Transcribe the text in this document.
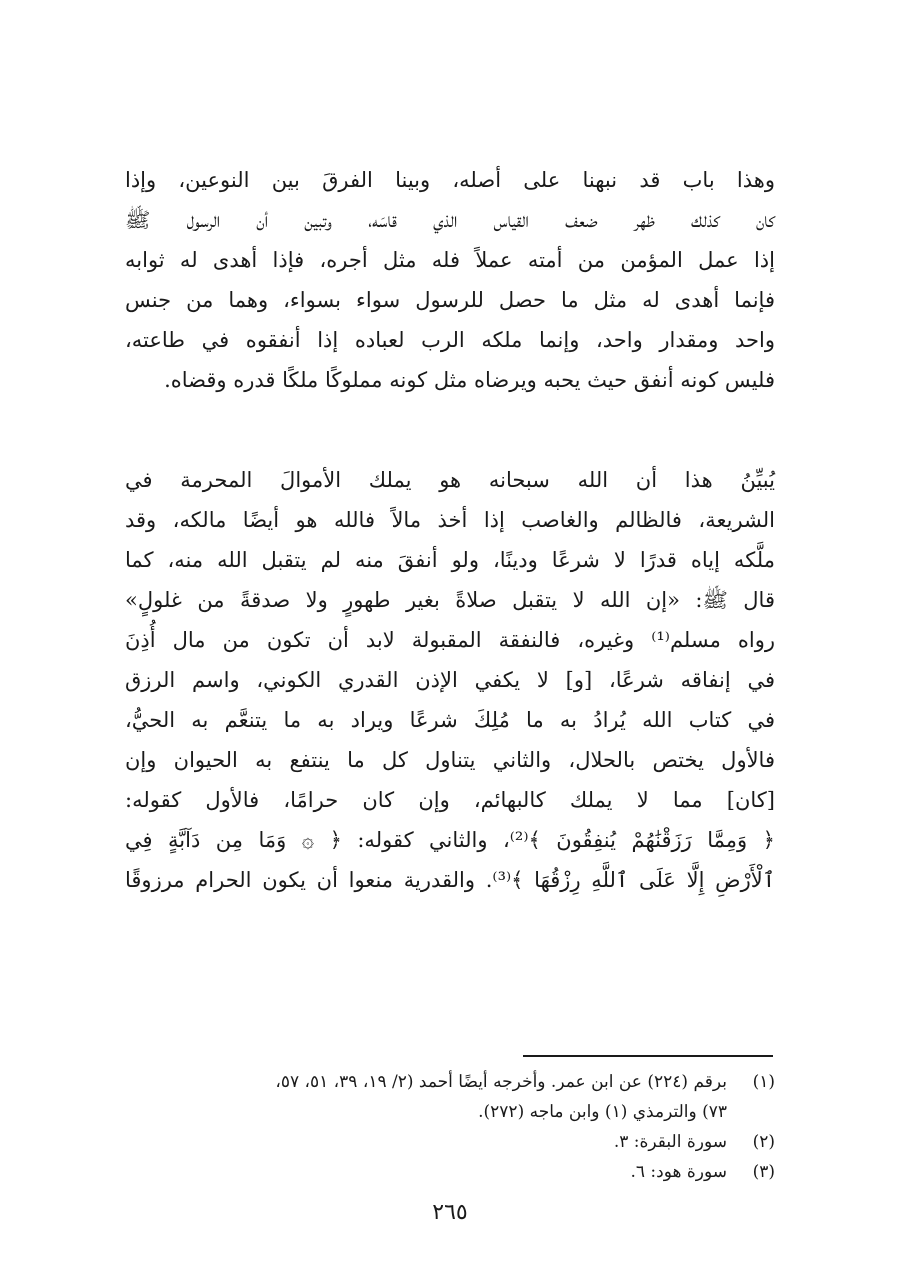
وهذا باب قد نبهنا على أصله، وبينا الفرقَ بين النوعين، وإذا
كان كذلك ظهر ضعف القياس الذي قاسَه، وتبين أن الرسول ﷺ
إذا عمل المؤمن من أمته عملاً فله مثل أجره، فإذا أهدى له ثوابه
فإنما أهدى له مثل ما حصل للرسول سواء بسواء، وهما من جنس
واحد ومقدار واحد، وإنما ملكه الرب لعباده إذا أنفقوه في طاعته،
فليس كونه أنفق حيث يحبه ويرضاه مثل كونه مملوكًا ملكًا قدره وقضاه.
يُبيِّنُ هذا أن الله سبحانه هو يملك الأموالَ المحرمة في
الشريعة، فالظالم والغاصب إذا أخذ مالاً فالله هو أيضًا مالكه، وقد
ملَّكه إياه قدرًا لا شرعًا ودينًا، ولو أنفقَ منه لم يتقبل الله منه، كما
قال ﷺ: «إن الله لا يتقبل صلاةً بغير طهورٍ ولا صدقةً من غلولٍ»
رواه مسلم⁽¹⁾ وغيره، فالنفقة المقبولة لابد أن تكون من مال أُذِنَ
في إنفاقه شرعًا، [و] لا يكفي الإذن القدري الكوني، واسم الرزق
في كتاب الله يُرادُ به ما مُلِكَ شرعًا ويراد به ما يتنعَّم به الحيُّ،
فالأول يختص بالحلال، والثاني يتناول كل ما ينتفع به الحيوان وإن
[كان] مما لا يملك كالبهائم، وإن كان حرامًا، فالأول كقوله:
﴿ وَمِمَّا رَزَقْنَٰهُمْ يُنفِقُونَ ﴾⁽²⁾، والثاني كقوله: ﴿ ۞ وَمَا مِن دَآبَّةٍ فِي
ٱلْأَرْضِ إِلَّا عَلَى ٱللَّهِ رِزْقُهَا ﴾⁽³⁾. والقدرية منعوا أن يكون الحرام مرزوقًا
(١)برقم (٢٢٤) عن ابن عمر. وأخرجه أيضًا أحمد (٢/ ١٩، ٣٩، ٥١، ٥٧،
٧٣) والترمذي (١) وابن ماجه (٢٧٢).
(٢)سورة البقرة: ٣.
(٣)سورة هود: ٦.
٢٦٥
